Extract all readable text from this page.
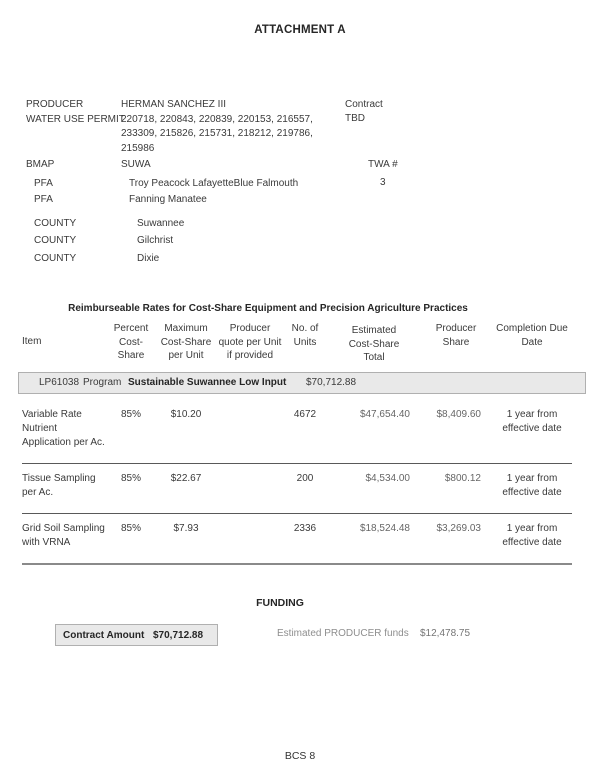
ATTACHMENT A
PRODUCER	HERMAN SANCHEZ III
WATER USE PERMIT
220718, 220843, 220839, 220153, 216557, 233309, 215826, 215731, 218212, 219786, 215986
BMAP	SUWA
PFA	Troy Peacock LafayetteBlue Falmouth
PFA	Fanning Manatee
COUNTY	Suwannee
COUNTY	Gilchrist
COUNTY	Dixie
Contract
TBD
TWA #
3
Reimburseable Rates for Cost-Share Equipment and Precision Agriculture Practices
Item	Percent Cost-Share	Maximum Cost-Share per Unit	Producer quote per Unit if provided	No. of Units	Estimated Cost-Share Total	Producer Share	Completion Due Date
LP61038 Program Sustainable Suwannee Low Input $70,712.88
Variable Rate Nutrient Application per Ac.	85%	$10.20		4672	$47,654.40	$8,409.60	1 year from effective date
Tissue Sampling per Ac.	85%	$22.67		200	$4,534.00	$800.12	1 year from effective date
Grid Soil Sampling with VRNA	85%	$7.93		2336	$18,524.48	$3,269.03	1 year from effective date
FUNDING
Contract Amount $70,712.88	Estimated PRODUCER funds $12,478.75
BCS 8
